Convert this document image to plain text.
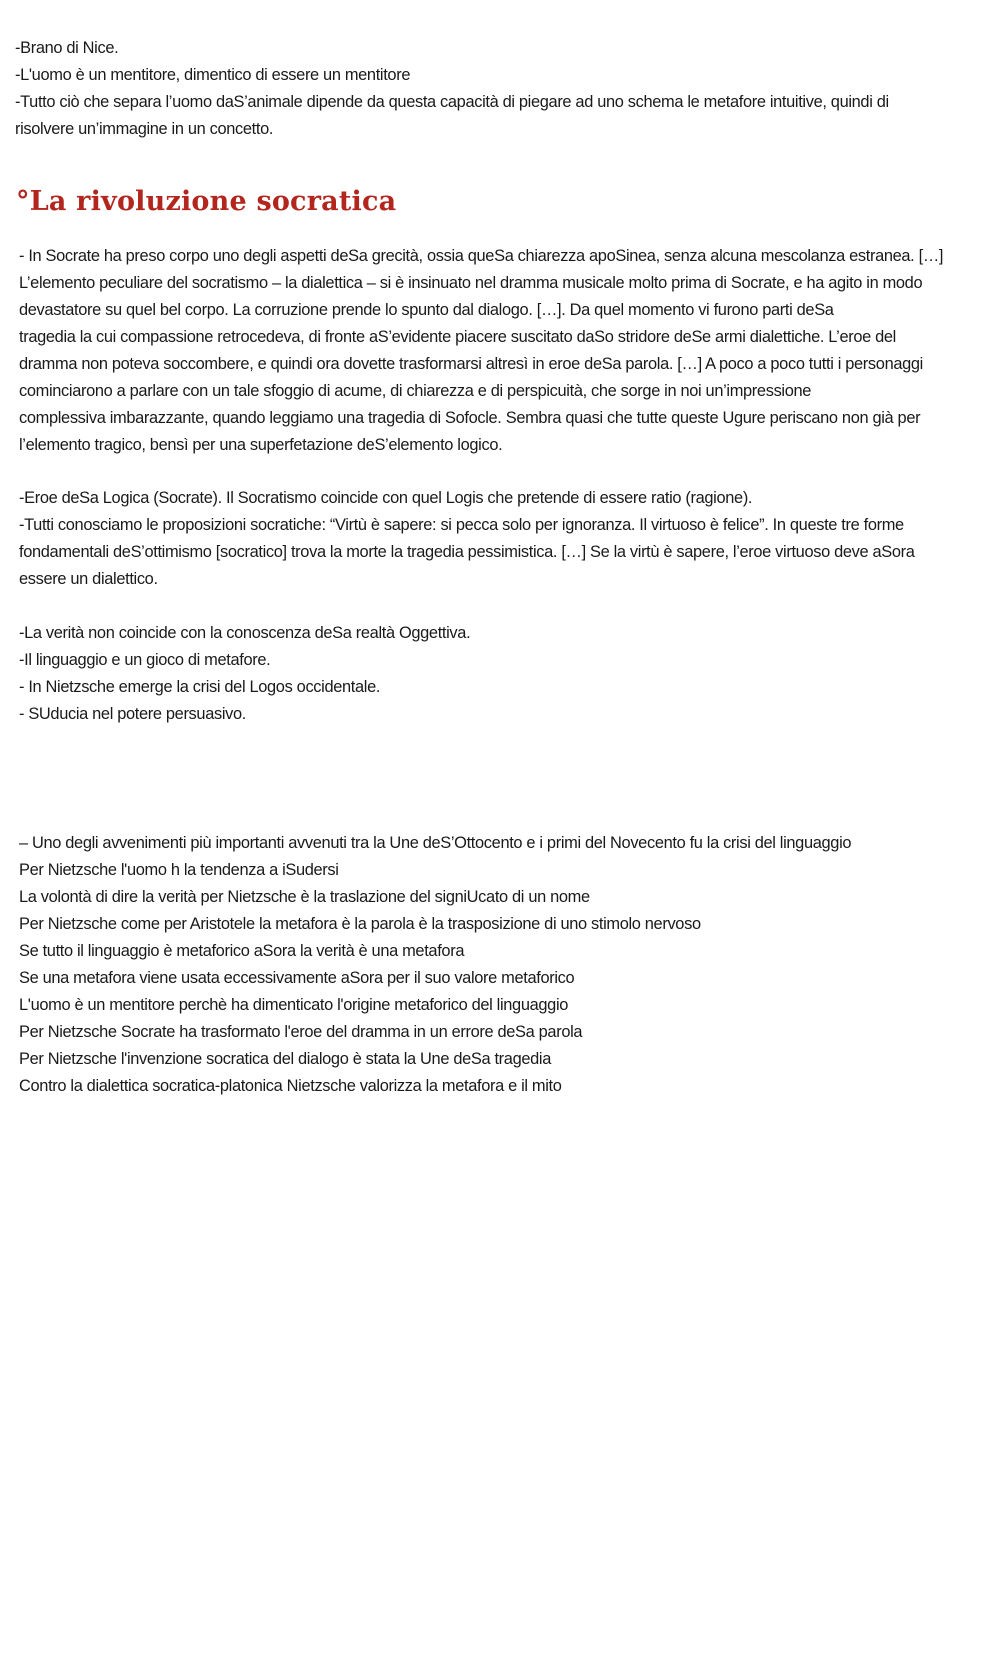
-Brano di Nice.
-L'uomo è un mentitore, dimentico di essere un mentitore
-Tutto ciò che separa l’uomo daS’animale dipende da questa capacità di piegare ad uno schema le metafore intuitive, quindi di
risolvere un’immagine in un concetto.
°La rivoluzione socratica
- In Socrate ha preso corpo uno degli aspetti deSa grecità, ossia queSa chiarezza apoSinea, senza alcuna mescolanza estranea. […]
L’elemento peculiare del socratismo – la dialettica – si è insinuato nel dramma musicale molto prima di Socrate, e ha agito in modo
devastatore su quel bel corpo. La corruzione prende lo spunto dal dialogo. […]. Da quel momento vi furono parti deSa
tragedia la cui compassione retrocedeva, di fronte aS’evidente piacere suscitato daSo stridore deSe armi dialettiche. L’eroe del
dramma non poteva soccombere, e quindi ora dovette trasformarsi altresì in eroe deSa parola. […] A poco a poco tutti i personaggi
cominciarono a parlare con un tale sfoggio di acume, di chiarezza e di perspicuità, che sorge in noi un’impressione
complessiva imbarazzante, quando leggiamo una tragedia di Sofocle. Sembra quasi che tutte queste Ugure periscano non già per
l’elemento tragico, bensì per una superfetazione deS’elemento logico.
-Eroe deSa Logica (Socrate). Il Socratismo coincide con quel Logis che pretende di essere ratio (ragione).
-Tutti conosciamo le proposizioni socratiche: “Virtù è sapere: si pecca solo per ignoranza. Il virtuoso è felice”. In queste tre forme
fondamentali deS’ottimismo [socratico] trova la morte la tragedia pessimistica. […] Se la virtù è sapere, l’eroe virtuoso deve aSora
essere un dialettico.
-La verità non coincide con la conoscenza deSa realtà Oggettiva.
-Il linguaggio e un gioco di metafore.
- In Nietzsche emerge la crisi del Logos occidentale.
- SUducia nel potere persuasivo.
– Uno degli avvenimenti più importanti avvenuti tra la Une deS’Ottocento e i primi del Novecento fu la crisi del linguaggio
Per Nietzsche l'uomo h la tendenza a iSudersi
La volontà di dire la verità per Nietzsche è la traslazione del signiUcato di un nome
Per Nietzsche come per Aristotele la metafora è la parola è la trasposizione di uno stimolo nervoso
Se tutto il linguaggio è metaforico aSora la verità è una metafora
Se una metafora viene usata eccessivamente aSora per il suo valore metaforico
L'uomo è un mentitore perchè ha dimenticato l'origine metaforico del linguaggio
Per Nietzsche Socrate ha trasformato l'eroe del dramma in un errore deSa parola
Per Nietzsche l'invenzione socratica del dialogo è stata la Une deSa tragedia
Contro la dialettica socratica-platonica Nietzsche valorizza la metafora e il mito
